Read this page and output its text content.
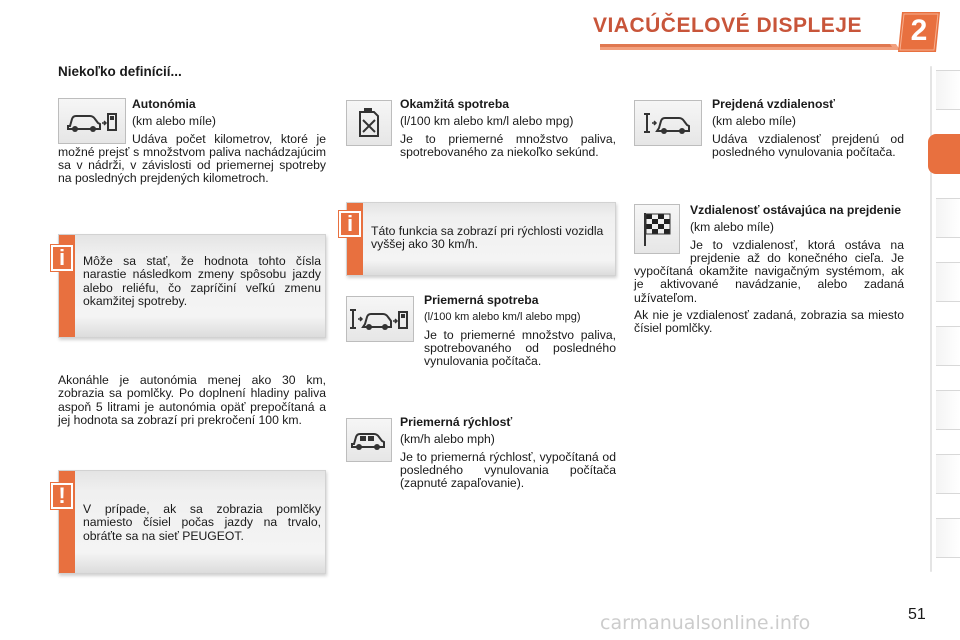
VIACÚČELOVÉ DISPLEJE	2
Niekoľko definícií...

Autonómia

(km alebo míle)

Udáva počet kilometrov, ktoré je možné prejsť s množstvom paliva nachádzajúcim sa v nádrži, v závislosti od priemernej spotreby na posledných prejdených kilometroch.

i	Môže sa stať, že hodnota tohto čísla narastie následkom zmeny spôsobu jazdy alebo reliéfu, čo zapríčiní veľkú zmenu okamžitej spotreby.
Akonáhle je autonómia menej ako 30 km, zobrazia sa pomlčky. Po doplnení hladiny paliva aspoň 5 litrami je autonómia opäť prepočítaná a jej hodnota sa zobrazí pri prekročení 100 km.
!
V prípade, ak sa zobrazia pomlčky namiesto čísiel počas jazdy na trvalo, obráťte sa na sieť PEUGEOT.

Okamžitá spotreba

(l/100 km alebo km/l alebo mpg)

Je to priemerné množstvo paliva, spotrebovaného za niekoľko sekúnd.

i	Táto funkcia sa zobrazí pri rýchlosti vozidla vyššej ako 30 km/h.

Priemerná spotreba

(l/100 km alebo km/l alebo mpg)

Je to priemerné množstvo paliva, spotrebovaného od posledného vynulovania počítača.

Priemerná rýchlosť

(km/h alebo mph)

Je to priemerná rýchlosť, vypočítaná od posledného vynulovania počítača (zapnuté zapaľovanie).

Prejdená vzdialenosť

(km alebo míle)

Udáva vzdialenosť prejdenú od posledného vynulovania počítača.

Vzdialenosť ostávajúca na prejdenie

(km alebo míle)

Je to vzdialenosť, ktorá ostáva na prejdenie až do konečného cieľa. Je vypočítaná okamžite navigačným systémom, ak je aktivované navádzanie, alebo zadaná užívateľom.

Ak nie je vzdialenosť zadaná, zobrazia sa miesto čísiel pomlčky.

carmanualsonline.info	51
